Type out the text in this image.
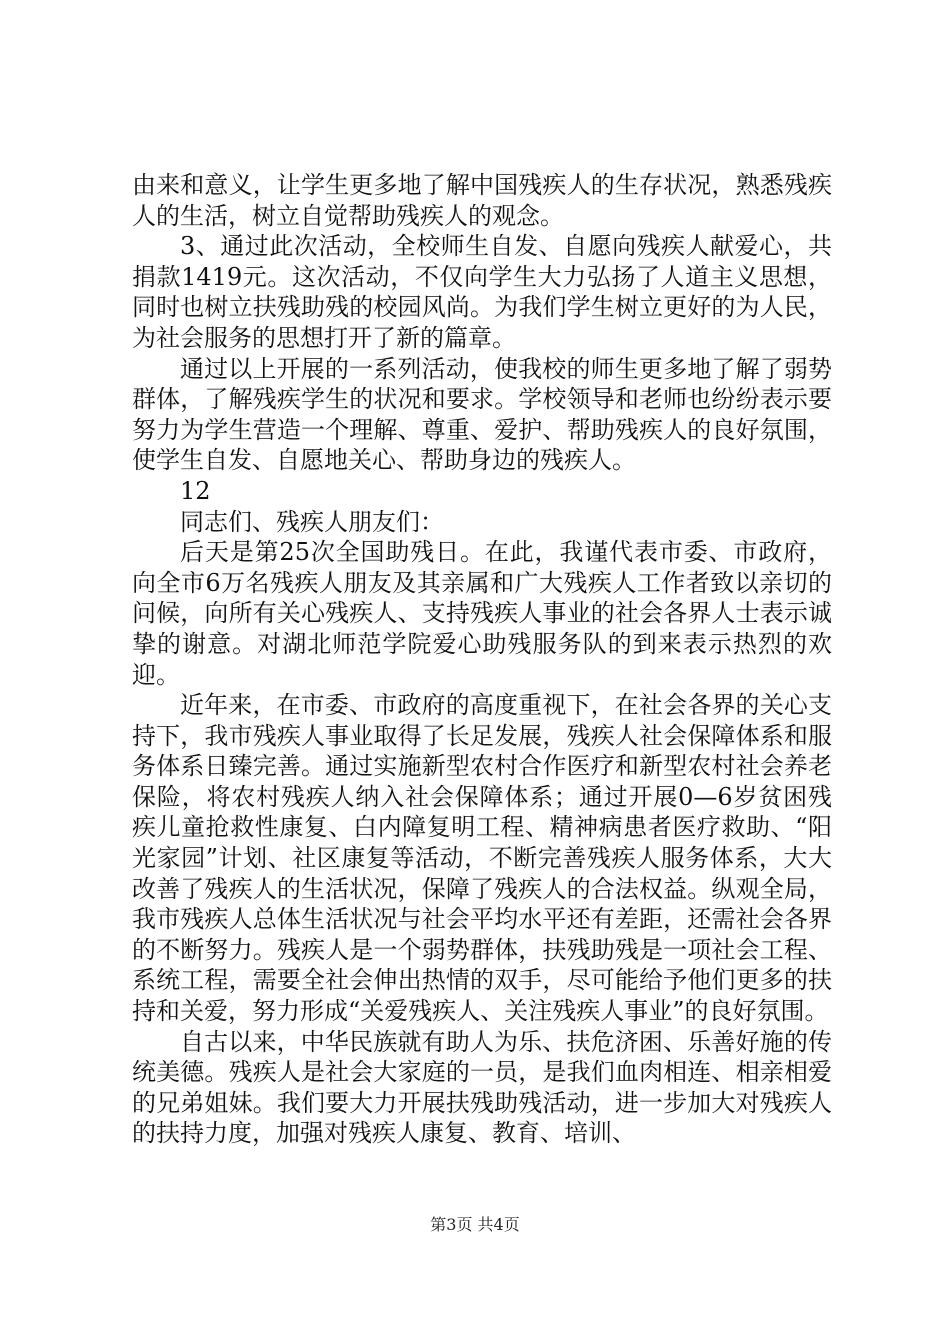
由来和意义，让学生更多地了解中国残疾人的生存状况，熟悉残疾人的生活，树立自觉帮助残疾人的观念。

3、通过此次活动，全校师生自发、自愿向残疾人献爱心，共捐款1419元。这次活动，不仅向学生大力弘扬了人道主义思想，同时也树立扶残助残的校园风尚。为我们学生树立更好的为人民，为社会服务的思想打开了新的篇章。

通过以上开展的一系列活动，使我校的师生更多地了解了弱势群体，了解残疾学生的状况和要求。学校领导和老师也纷纷表示要努力为学生营造一个理解、尊重、爱护、帮助残疾人的良好氛围，使学生自发、自愿地关心、帮助身边的残疾人。

12

同志们、残疾人朋友们：

后天是第25次全国助残日。在此，我谨代表市委、市政府，向全市6万名残疾人朋友及其亲属和广大残疾人工作者致以亲切的问候，向所有关心残疾人、支持残疾人事业的社会各界人士表示诚挚的谢意。对湖北师范学院爱心助残服务队的到来表示热烈的欢迎。

近年来，在市委、市政府的高度重视下，在社会各界的关心支持下，我市残疾人事业取得了长足发展，残疾人社会保障体系和服务体系日臻完善。通过实施新型农村合作医疗和新型农村社会养老保险，将农村残疾人纳入社会保障体系；通过开展0—6岁贫困残疾儿童抢救性康复、白内障复明工程、精神病患者医疗救助、“阳光家园”计划、社区康复等活动，不断完善残疾人服务体系，大大改善了残疾人的生活状况，保障了残疾人的合法权益。纵观全局，我市残疾人总体生活状况与社会平均水平还有差距，还需社会各界的不断努力。残疾人是一个弱势群体，扶残助残是一项社会工程、系统工程，需要全社会伸出热情的双手，尽可能给予他们更多的扶持和关爱，努力形成“关爱残疾人、关注残疾人事业”的良好氛围。

自古以来，中华民族就有助人为乐、扶危济困、乐善好施的传统美德。残疾人是社会大家庭的一员，是我们血肉相连、相亲相爱的兄弟姐妹。我们要大力开展扶残助残活动，进一步加大对残疾人的扶持力度，加强对残疾人康复、教育、培训、

第3页 共4页
